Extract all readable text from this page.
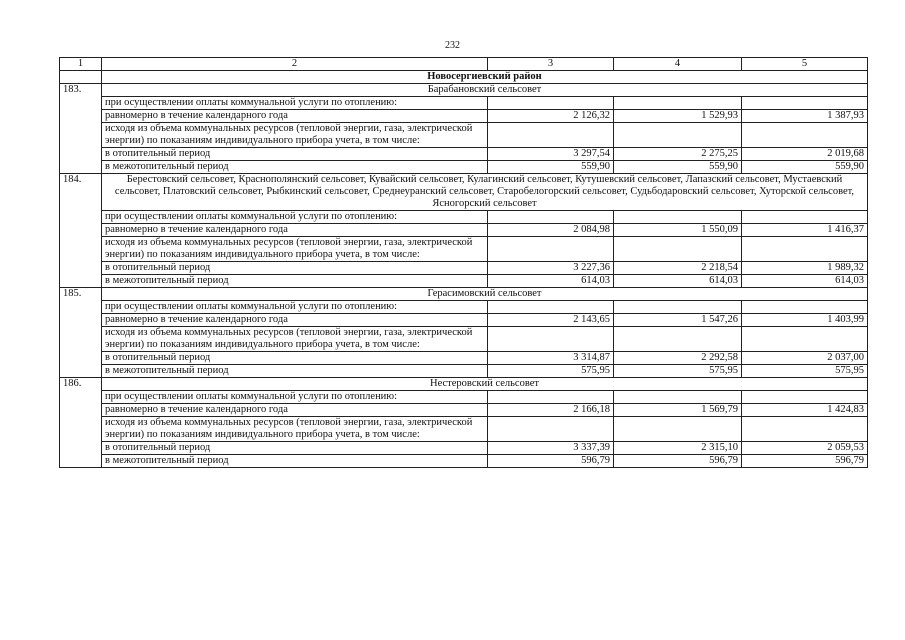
232
1	2	3	4	5
	Новосергиевский район			
183.	Барабановский сельсовет			

	при осуществлении оплаты коммунальной услуги по отоплению:			

	равномерно в течение календарного года	2 126,32	1 529,93	1 387,93

	исходя из объема коммунальных ресурсов (тепловой энергии, газа, электрической энергии) по показаниям индивидуального прибора учета, в том числе:			

	в отопительный период	3 297,54	2 275,25	2 019,68

	в межотопительный период	559,90	559,90	559,90
184.	Берестовский сельсовет, Краснополянский сельсовет, Кувайский сельсовет, Кулагинский сельсовет, Кутушевский сельсовет, Лапазский сельсовет, Мустаевский сельсовет, Платовский сельсовет, Рыбкинский сельсовет, Среднеуранский сельсовет, Старобелогорский сельсовет, Судьбодаровский сельсовет, Хуторской сельсовет, Ясногорский сельсовет			

	при осуществлении оплаты коммунальной услуги по отоплению:			

	равномерно в течение календарного года	2 084,98	1 550,09	1 416,37

	исходя из объема коммунальных ресурсов (тепловой энергии, газа, электрической энергии) по показаниям индивидуального прибора учета, в том числе:			

	в отопительный период	3 227,36	2 218,54	1 989,32

	в межотопительный период	614,03	614,03	614,03
185.	Герасимовский сельсовет			

	при осуществлении оплаты коммунальной услуги по отоплению:			

	равномерно в течение календарного года	2 143,65	1 547,26	1 403,99

	исходя из объема коммунальных ресурсов (тепловой энергии, газа, электрической энергии) по показаниям индивидуального прибора учета, в том числе:			

	в отопительный период	3 314,87	2 292,58	2 037,00

	в межотопительный период	575,95	575,95	575,95
186.	Нестеровский сельсовет			

	при осуществлении оплаты коммунальной услуги по отоплению:			

	равномерно в течение календарного года	2 166,18	1 569,79	1 424,83

	исходя из объема коммунальных ресурсов (тепловой энергии, газа, электрической энергии) по показаниям индивидуального прибора учета, в том числе:			

	в отопительный период	3 337,39	2 315,10	2 059,53

	в межотопительный период	596,79	596,79	596,79
